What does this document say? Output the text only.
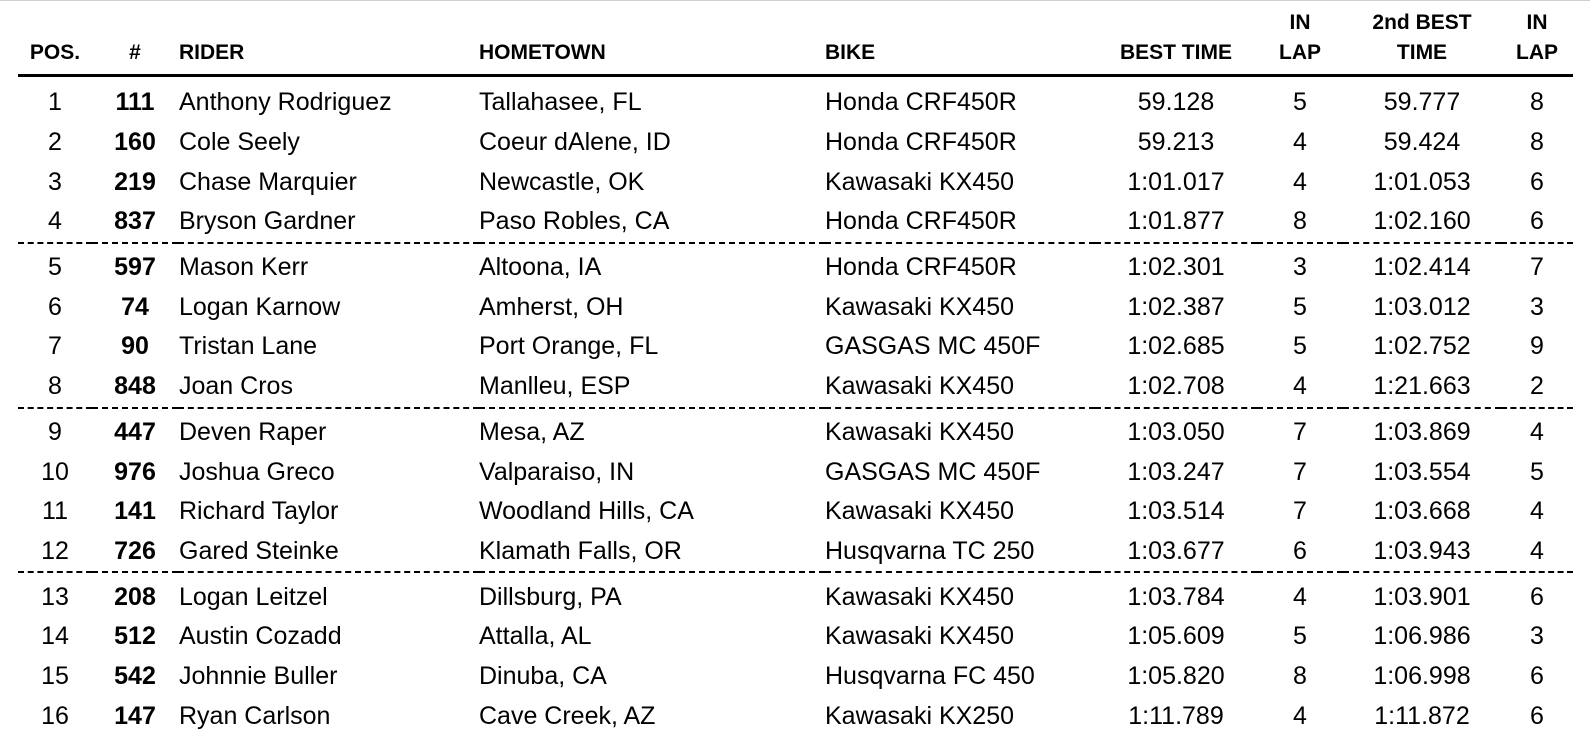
POS.	#	RIDER	HOMETOWN	BIKE	BEST TIME	IN
LAP	2nd BEST
TIME	IN
LAP

1	111	Anthony Rodriguez	Tallahasee, FL	Honda CRF450R	59.128	5	59.777	8
2	160	Cole Seely	Coeur dAlene, ID	Honda CRF450R	59.213	4	59.424	8
3	219	Chase Marquier	Newcastle, OK	Kawasaki KX450	1:01.017	4	1:01.053	6
4	837	Bryson Gardner	Paso Robles, CA	Honda CRF450R	1:01.877	8	1:02.160	6
5	597	Mason Kerr	Altoona, IA	Honda CRF450R	1:02.301	3	1:02.414	7
6	74	Logan Karnow	Amherst, OH	Kawasaki KX450	1:02.387	5	1:03.012	3
7	90	Tristan Lane	Port Orange, FL	GASGAS MC 450F	1:02.685	5	1:02.752	9
8	848	Joan Cros	Manlleu, ESP	Kawasaki KX450	1:02.708	4	1:21.663	2
9	447	Deven Raper	Mesa, AZ	Kawasaki KX450	1:03.050	7	1:03.869	4
10	976	Joshua Greco	Valparaiso, IN	GASGAS MC 450F	1:03.247	7	1:03.554	5
11	141	Richard Taylor	Woodland Hills, CA	Kawasaki KX450	1:03.514	7	1:03.668	4
12	726	Gared Steinke	Klamath Falls, OR	Husqvarna TC 250	1:03.677	6	1:03.943	4
13	208	Logan Leitzel	Dillsburg, PA	Kawasaki KX450	1:03.784	4	1:03.901	6
14	512	Austin Cozadd	Attalla, AL	Kawasaki KX450	1:05.609	5	1:06.986	3
15	542	Johnnie Buller	Dinuba, CA	Husqvarna FC 450	1:05.820	8	1:06.998	6
16	147	Ryan Carlson	Cave Creek, AZ	Kawasaki KX250	1:11.789	4	1:11.872	6
